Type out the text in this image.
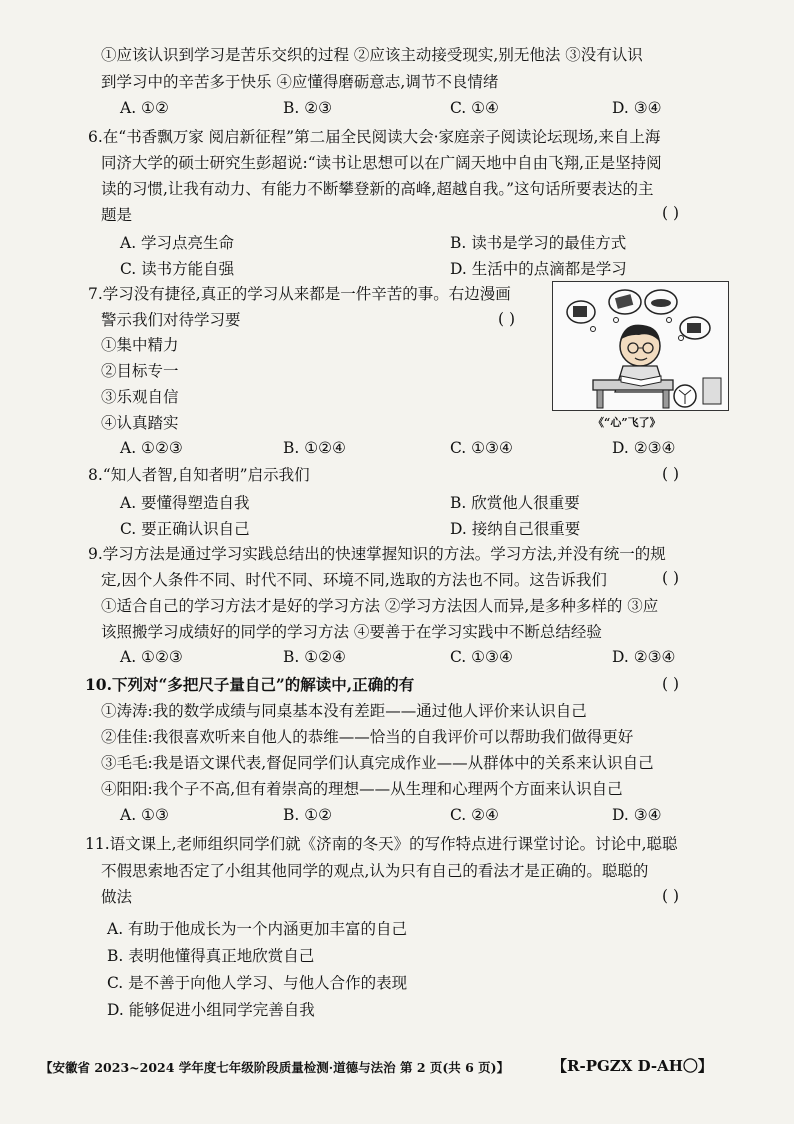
①应该认识到学习是苦乐交织的过程 ②应该主动接受现实,别无他法 ③没有认识
到学习中的辛苦多于快乐 ④应懂得磨砺意志,调节不良情绪
A. ①②	B. ②③	C. ①④	D. ③④
6.在“书香飘万家 阅启新征程”第二届全民阅读大会·家庭亲子阅读论坛现场,来自上海
同济大学的硕士研究生彭超说:“读书让思想可以在广阔天地中自由飞翔,正是坚持阅
读的习惯,让我有动力、有能力不断攀登新的高峰,超越自我。”这句话所要表达的主
题是	( )
A. 学习点亮生命	B. 读书是学习的最佳方式
C. 读书方能自强	D. 生活中的点滴都是学习
7.学习没有捷径,真正的学习从来都是一件辛苦的事。右边漫画
警示我们对待学习要	( )
①集中精力
②目标专一
③乐观自信
④认真踏实	《“心”飞了》
A. ①②③	B. ①②④	C. ①③④	D. ②③④
8.“知人者智,自知者明”启示我们	( )
A. 要懂得塑造自我	B. 欣赏他人很重要
C. 要正确认识自己	D. 接纳自己很重要
9.学习方法是通过学习实践总结出的快速掌握知识的方法。学习方法,并没有统一的规
定,因个人条件不同、时代不同、环境不同,选取的方法也不同。这告诉我们	( )
①适合自己的学习方法才是好的学习方法 ②学习方法因人而异,是多种多样的 ③应
该照搬学习成绩好的同学的学习方法 ④要善于在学习实践中不断总结经验
A. ①②③	B. ①②④	C. ①③④	D. ②③④
10.下列对“多把尺子量自己”的解读中,正确的有	( )
①涛涛:我的数学成绩与同桌基本没有差距——通过他人评价来认识自己
②佳佳:我很喜欢听来自他人的恭维——恰当的自我评价可以帮助我们做得更好
③毛毛:我是语文课代表,督促同学们认真完成作业——从群体中的关系来认识自己
④阳阳:我个子不高,但有着崇高的理想——从生理和心理两个方面来认识自己
A. ①③	B. ①②	C. ②④	D. ③④
11.语文课上,老师组织同学们就《济南的冬天》的写作特点进行课堂讨论。讨论中,聪聪
不假思索地否定了小组其他同学的观点,认为只有自己的看法才是正确的。聪聪的
做法	( )
A. 有助于他成长为一个内涵更加丰富的自己
B. 表明他懂得真正地欣赏自己
C. 是不善于向他人学习、与他人合作的表现
D. 能够促进小组同学完善自我
【安徽省 2023~2024 学年度七年级阶段质量检测·道德与法治 第 2 页(共 6 页)】	【R-PGZX D-AH〇】
